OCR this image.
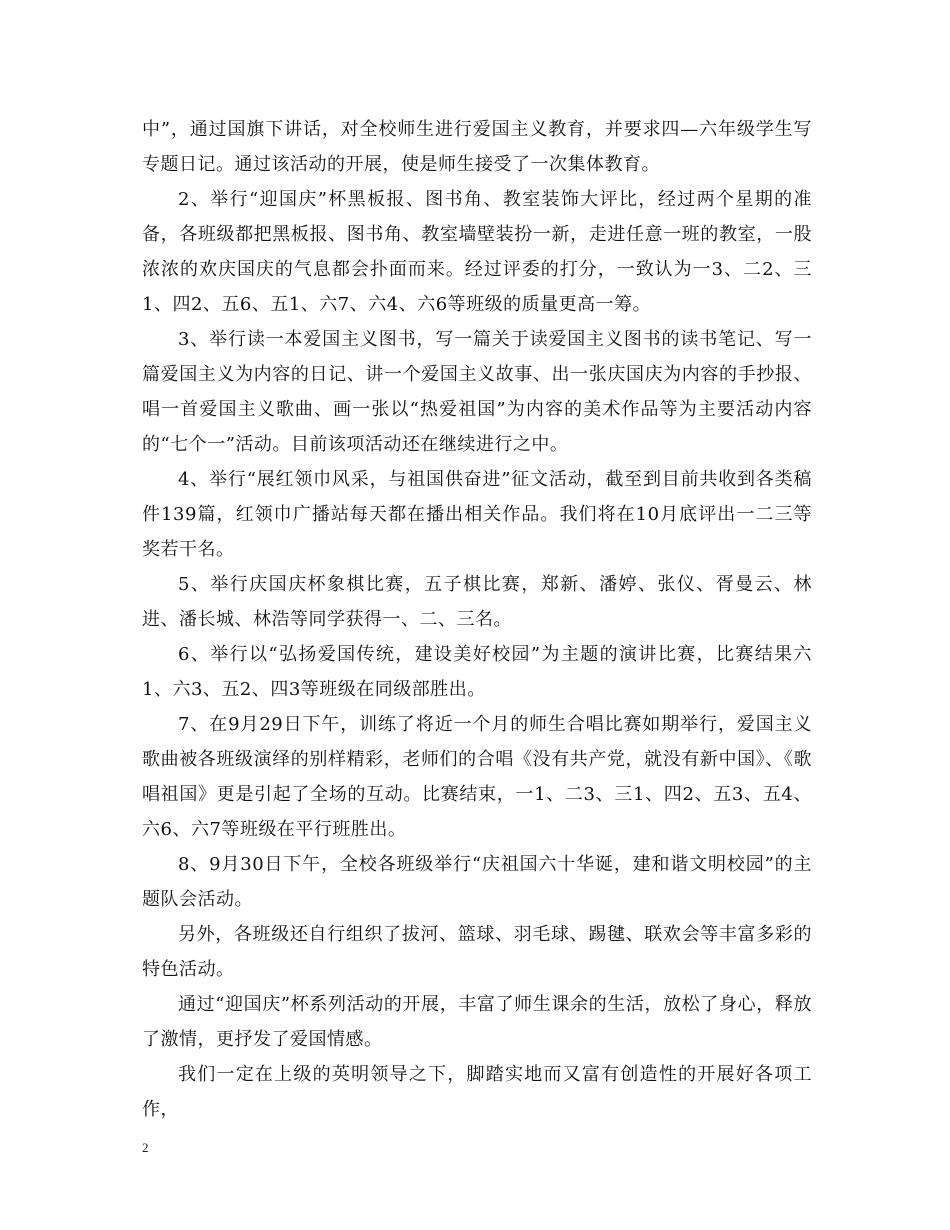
中”，通过国旗下讲话，对全校师生进行爱国主义教育，并要求四—六年级学生写专题日记。通过该活动的开展，使是师生接受了一次集体教育。

2、举行“迎国庆”杯黑板报、图书角、教室装饰大评比，经过两个星期的准备，各班级都把黑板报、图书角、教室墙壁装扮一新，走进任意一班的教室，一股浓浓的欢庆国庆的气息都会扑面而来。经过评委的打分，一致认为一3、二2、三1、四2、五6、五1、六7、六4、六6等班级的质量更高一筹。

3、举行读一本爱国主义图书，写一篇关于读爱国主义图书的读书笔记、写一篇爱国主义为内容的日记、讲一个爱国主义故事、出一张庆国庆为内容的手抄报、唱一首爱国主义歌曲、画一张以“热爱祖国”为内容的美术作品等为主要活动内容的“七个一”活动。目前该项活动还在继续进行之中。

4、举行“展红领巾风采，与祖国供奋进”征文活动，截至到目前共收到各类稿件139篇，红领巾广播站每天都在播出相关作品。我们将在10月底评出一二三等奖若干名。

5、举行庆国庆杯象棋比赛，五子棋比赛，郑新、潘婷、张仪、胥曼云、林进、潘长城、林浩等同学获得一、二、三名。

6、举行以“弘扬爱国传统，建设美好校园”为主题的演讲比赛，比赛结果六1、六3、五2、四3等班级在同级部胜出。

7、在9月29日下午，训练了将近一个月的师生合唱比赛如期举行，爱国主义歌曲被各班级演绎的别样精彩，老师们的合唱《没有共产党，就没有新中国》、《歌唱祖国》更是引起了全场的互动。比赛结束，一1、二3、三1、四2、五3、五4、六6、六7等班级在平行班胜出。

8、9月30日下午，全校各班级举行“庆祖国六十华诞，建和谐文明校园”的主题队会活动。

另外，各班级还自行组织了拔河、篮球、羽毛球、踢毽、联欢会等丰富多彩的特色活动。

通过“迎国庆”杯系列活动的开展，丰富了师生课余的生活，放松了身心，释放了激情，更抒发了爱国情感。

我们一定在上级的英明领导之下，脚踏实地而又富有创造性的开展好各项工作，

2
